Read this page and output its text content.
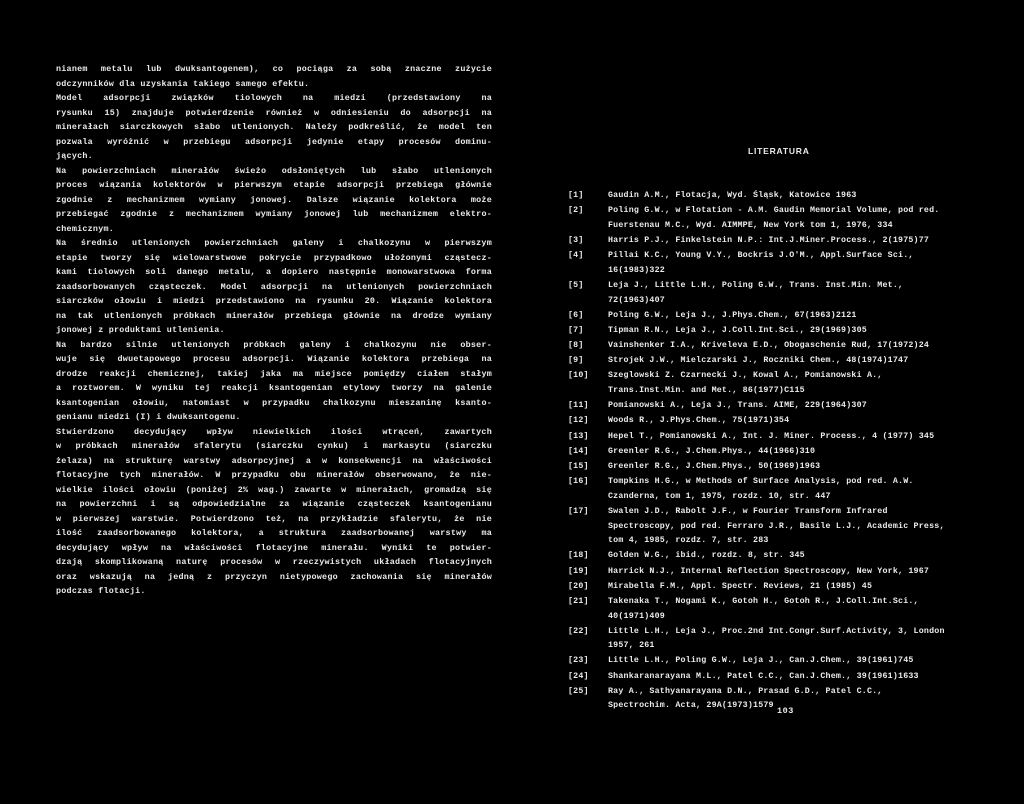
nianem metalu lub dwuksantogenem), co pociąga za sobą znaczne zużycie
odczynników dla uzyskania takiego samego efektu.
Model adsorpcji związków tiolowych na miedzi (przedstawiony na
rysunku 15) znajduje potwierdzenie również w odniesieniu do adsorpcji na
minerałach siarczkowych słabo utlenionych. Należy podkreślić, że model ten
pozwala wyróżnić w przebiegu adsorpcji jedynie etapy procesów dominu-
jących.
Na powierzchniach minerałów świeżo odsłoniętych lub słabo utlenionych
proces wiązania kolektorów w pierwszym etapie adsorpcji przebiega głównie
zgodnie z mechanizmem wymiany jonowej. Dalsze wiązanie kolektora może
przebiegać zgodnie z mechanizmem wymiany jonowej lub mechanizmem elektro-
chemicznym.
Na średnio utlenionych powierzchniach galeny i chalkozynu w pierwszym
etapie tworzy się wielowarstwowe pokrycie przypadkowo ułożonymi cząstecz-
kami tiolowych soli danego metalu, a dopiero następnie monowarstwowa forma
zaadsorbowanych cząsteczek. Model adsorpcji na utlenionych powierzchniach
siarczków ołowiu i miedzi przedstawiono na rysunku 20. Wiązanie kolektora
na tak utlenionych próbkach minerałów przebiega głównie na drodze wymiany
jonowej z produktami utlenienia.
Na bardzo silnie utlenionych próbkach galeny i chalkozynu nie obser-
wuje się dwuetapowego procesu adsorpcji. Wiązanie kolektora przebiega na
drodze reakcji chemicznej, takiej jaka ma miejsce pomiędzy ciałem stałym
a roztworem. W wyniku tej reakcji ksantogenian etylowy tworzy na galenie
ksantogenian ołowiu, natomiast w przypadku chalkozynu mieszaninę ksanto-
genianu miedzi (I) i dwuksantogenu.
Stwierdzono decydujący wpływ niewielkich ilości wtrąceń, zawartych
w próbkach minerałów sfalerytu (siarczku cynku) i markasytu (siarczku
żelaza) na strukturę warstwy adsorpcyjnej a w konsekwencji na właściwości
flotacyjne tych minerałów. W przypadku obu minerałów obserwowano, że nie-
wielkie ilości ołowiu (poniżej 2% wag.) zawarte w minerałach, gromadzą się
na powierzchni i są odpowiedzialne za wiązanie cząsteczek ksantogenianu
w pierwszej warstwie. Potwierdzono też, na przykładzie sfalerytu, że nie
ilość zaadsorbowanego kolektora, a struktura zaadsorbowanej warstwy ma
decydujący wpływ na właściwości flotacyjne minerału. Wyniki te potwier-
dzają skomplikowaną naturę procesów w rzeczywistych układach flotacyjnych
oraz wskazują na jedną z przyczyn nietypowego zachowania się minerałów
podczas flotacji.
LITERATURA
[1]	Gaudin A.M., Flotacja, Wyd. Śląsk, Katowice 1963
[2]	Poling G.W., w Flotation - A.M. Gaudin Memorial Volume, pod red.
Fuerstenau M.C., Wyd. AIMMPE, New York tom 1, 1976, 334
[3]	Harris P.J., Finkelstein N.P.: Int.J.Miner.Process., 2(1975)77
[4]	Pillai K.C., Young V.Y., Bockris J.O'M., Appl.Surface Sci.,
16(1983)322
[5]	Leja J., Little L.H., Poling G.W., Trans. Inst.Min. Met.,
72(1963)407
[6]	Poling G.W., Leja J., J.Phys.Chem., 67(1963)2121
[7]	Tipman R.N., Leja J., J.Coll.Int.Sci., 29(1969)305
[8]	Vainshenker I.A., Kriveleva E.D., Obogaschenie Rud, 17(1972)24
[9]	Strojek J.W., Mielczarski J., Roczniki Chem., 48(1974)1747
[10]	Szeglowski Z. Czarnecki J., Kowal A., Pomianowski A.,
Trans.Inst.Min. and Met., 86(1977)C115
[11]	Pomianowski A., Leja J., Trans. AIME, 229(1964)307
[12]	Woods R., J.Phys.Chem., 75(1971)354
[13]	Hepel T., Pomianowski A., Int. J. Miner. Process., 4 (1977) 345
[14]	Greenler R.G., J.Chem.Phys., 44(1966)310
[15]	Greenler R.G., J.Chem.Phys., 50(1969)1963
[16]	Tompkins H.G., w Methods of Surface Analysis, pod red. A.W.
Czanderna, tom 1, 1975, rozdz. 10, str. 447
[17]	Swalen J.D., Rabolt J.F., w Fourier Transform Infrared
Spectroscopy, pod red. Ferraro J.R., Basile L.J., Academic Press,
tom 4, 1985, rozdz. 7, str. 283
[18]	Golden W.G., ibid., rozdz. 8, str. 345
[19]	Harrick N.J., Internal Reflection Spectroscopy, New York, 1967
[20]	Mirabella F.M., Appl. Spectr. Reviews, 21 (1985) 45
[21]	Takenaka T., Nogami K., Gotoh H., Gotoh R., J.Coll.Int.Sci.,
40(1971)409
[22]	Little L.H., Leja J., Proc.2nd Int.Congr.Surf.Activity, 3, London
1957, 261
[23]	Little L.H., Poling G.W., Leja J., Can.J.Chem., 39(1961)745
[24]	Shankaranarayana M.L., Patel C.C., Can.J.Chem., 39(1961)1633
[25]	Ray A., Sathyanarayana D.N., Prasad G.D., Patel C.C.,
Spectrochim. Acta, 29A(1973)1579
103
